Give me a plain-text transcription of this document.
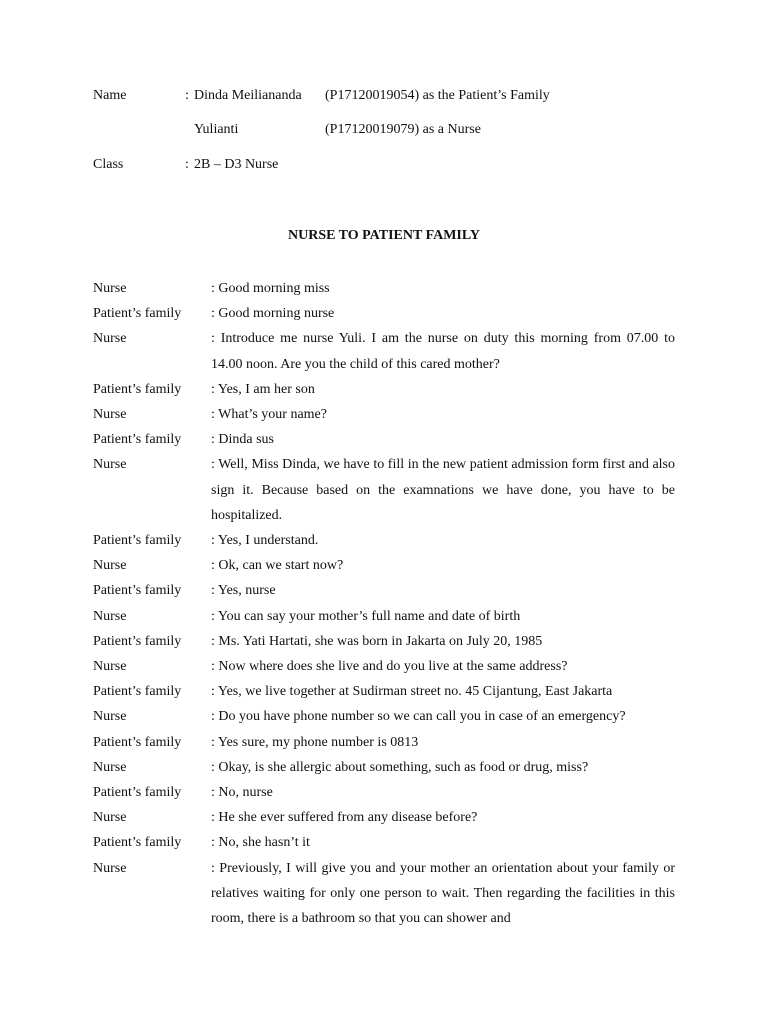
Name	: Dinda Meiliananda (P17120019054) as the Patient’s Family
Yulianti	(P17120019079) as a Nurse
Class	: 2B – D3 Nurse
NURSE TO PATIENT FAMILY
Nurse	: Good morning miss
Patient’s family : Good morning nurse
Nurse	: Introduce me nurse Yuli. I am the nurse on duty this morning from 07.00 to 14.00 noon. Are you the child of this cared mother?
Patient’s family : Yes, I am her son
Nurse	: What’s your name?
Patient’s family : Dinda sus
Nurse	: Well, Miss Dinda, we have to fill in the new patient admission form first and also sign it. Because based on the examnations we have done, you have to be hospitalized.
Patient’s family : Yes, I understand.
Nurse	: Ok, can we start now?
Patient’s family : Yes, nurse
Nurse	: You can say your mother’s full name and date of birth
Patient’s family : Ms. Yati Hartati, she was born in Jakarta on July 20, 1985
Nurse	: Now where does she live and do you live at the same address?
Patient’s family : Yes, we live together at Sudirman street no. 45 Cijantung, East Jakarta
Nurse	: Do you have phone number so we can call you in case of an emergency?
Patient’s family : Yes sure, my phone number is 0813
Nurse	: Okay, is she allergic about something, such as food or drug, miss?
Patient’s family : No, nurse
Nurse	: He she ever suffered from any disease before?
Patient’s family : No, she hasn’t it
Nurse	: Previously, I will give you and your mother an orientation about your family or relatives waiting for only one person to wait. Then regarding the facilities in this room, there is a bathroom so that you can shower and
